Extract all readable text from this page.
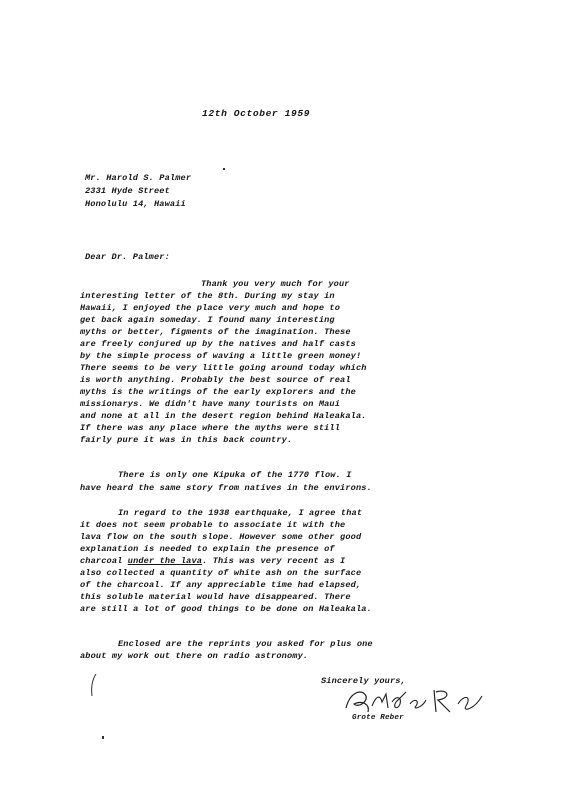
12th October 1959
Mr. Harold S. Palmer
2331 Hyde Street
Honolulu 14, Hawaii
Dear Dr. Palmer:
Thank you very much for your
interesting letter of the 8th. During my stay in
Hawaii, I enjoyed the place very much and hope to
get back again someday. I found many interesting
myths or better, figments of the imagination. These
are freely conjured up by the natives and half casts
by the simple process of waving a little green money!
There seems to be very little going around today which
is worth anything. Probably the best source of real
myths is the writings of the early explorers and the
missionarys. We didn't have many tourists on Maui
and none at all in the desert region behind Haleakala.
If there was any place where the myths were still
fairly pure it was in this back country.
There is only one Kipuka of the 1770 flow. I
have heard the same story from natives in the environs.
In regard to the 1938 earthquake, I agree that
it does not seem probable to associate it with the
lava flow on the south slope. However some other good
explanation is needed to explain the presence of
charcoal under the lava. This was very recent as I
also collected a quantity of white ash on the surface
of the charcoal. If any appreciable time had elapsed,
this soluble material would have disappeared. There
are still a lot of good things to be done on Haleakala.
Enclosed are the reprints you asked for plus one
about my work out there on radio astronomy.
Sincerely yours,
Grote Reber
